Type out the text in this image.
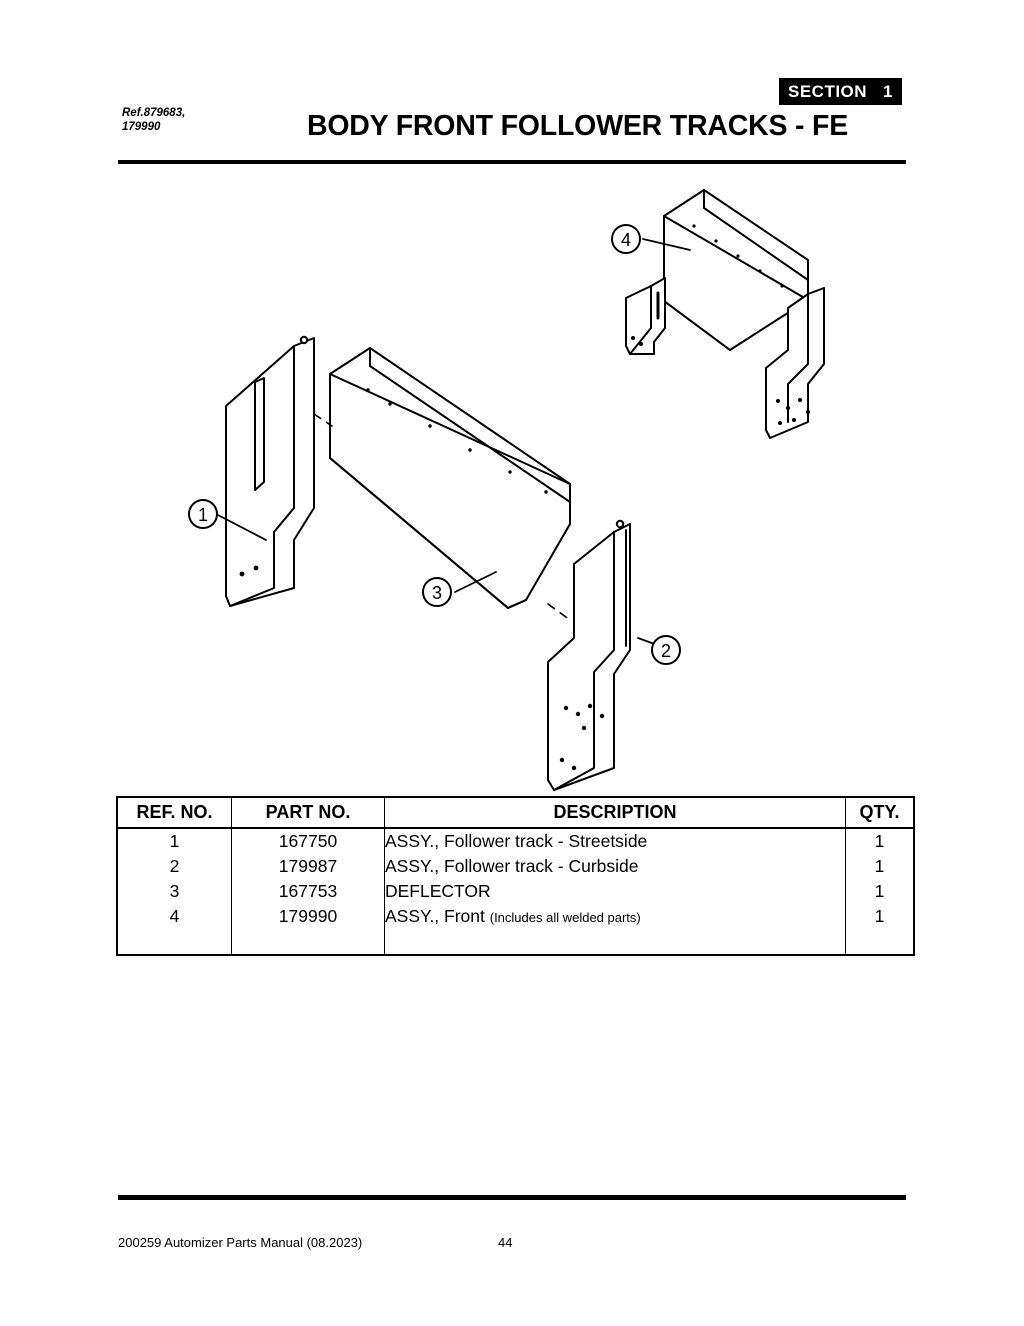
SECTION 1
Ref.879683,
179990	BODY FRONT FOLLOWER TRACKS - FE
1
2
3
4
REF. NO.	PART NO.	DESCRIPTION	QTY.
1	167750	ASSY., Follower track - Streetside	1
2	179987	ASSY., Follower track - Curbside	1
3	167753	DEFLECTOR	1
4	179990	ASSY., Front (Includes all welded parts)	1

200259 Automizer Parts Manual (08.2023)	44
